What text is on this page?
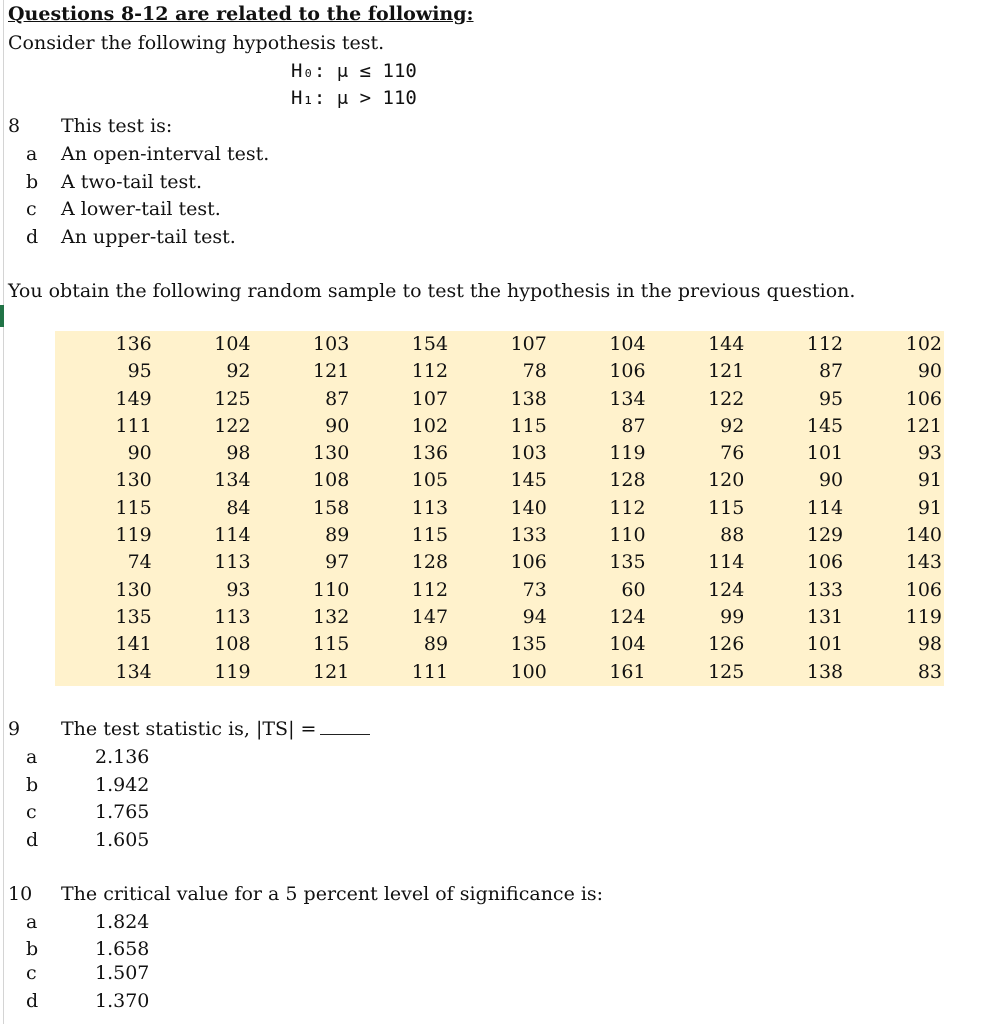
Questions 8-12 are related to the following:
Consider the following hypothesis test.
H₀: μ ≤ 110
H₁: μ > 110
8 This test is:
a An open-interval test.
b A two-tail test.
c A lower-tail test.
d An upper-tail test.
You obtain the following random sample to test the hypothesis in the previous question.
136	104	103	154	107	104	144	112	102
95	92	121	112	78	106	121	87	90
149	125	87	107	138	134	122	95	106
111	122	90	102	115	87	92	145	121
90	98	130	136	103	119	76	101	93
130	134	108	105	145	128	120	90	91
115	84	158	113	140	112	115	114	91
119	114	89	115	133	110	88	129	140
74	113	97	128	106	135	114	106	143
130	93	110	112	73	60	124	133	106
135	113	132	147	94	124	99	131	119
141	108	115	89	135	104	126	101	98
134	119	121	111	100	161	125	138	83
9 The test statistic is, |TS| =
a	2.136
b	1.942
c	1.765
d	1.605
10 The critical value for a 5 percent level of significance is:
a	1.824
b	1.658
c	1.507
d	1.370
